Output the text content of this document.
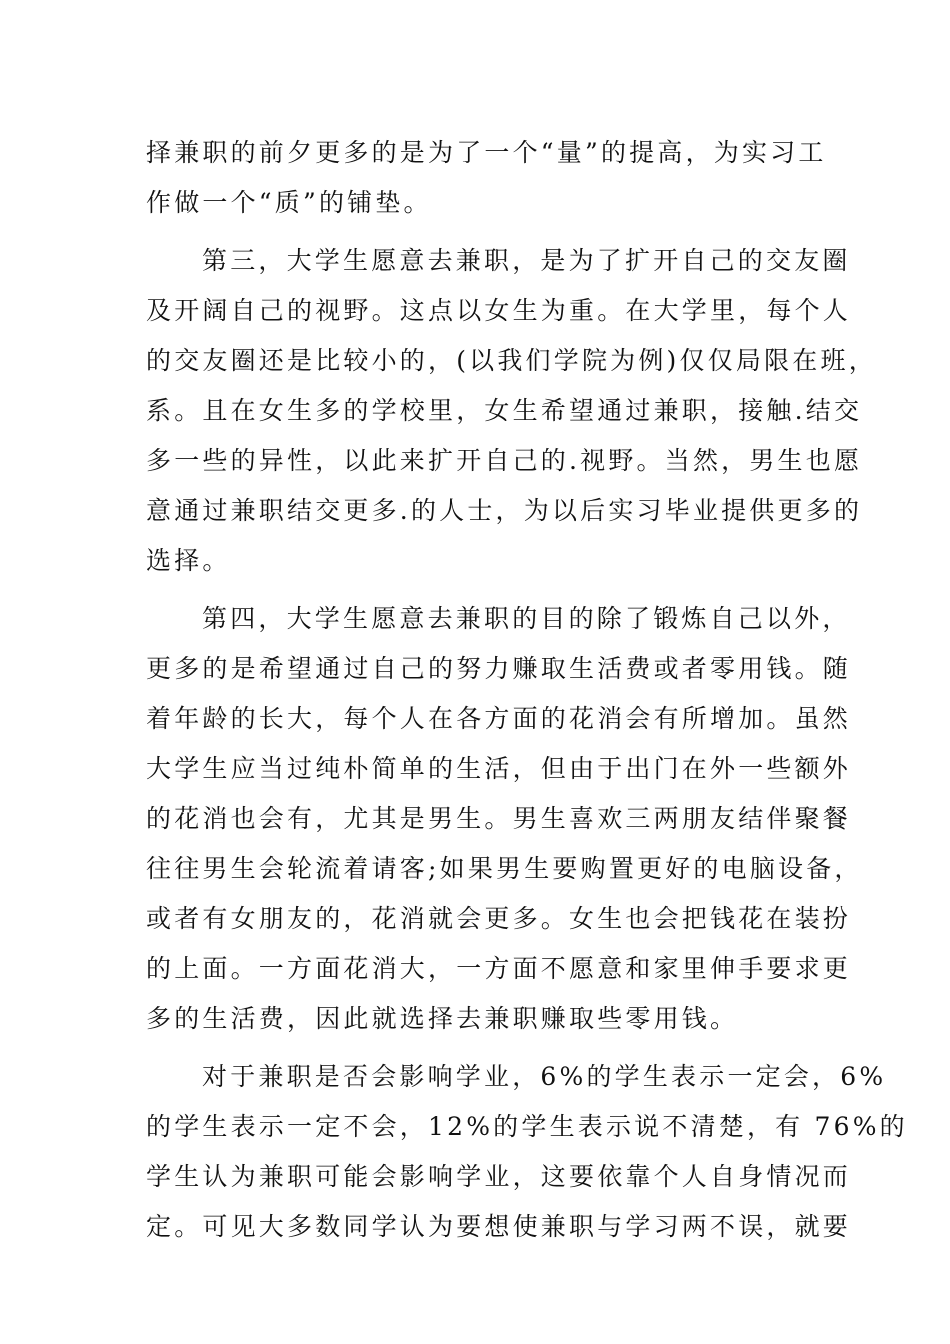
择兼职的前夕更多的是为了一个“量”的提高，为实习工
作做一个“质”的铺垫。
第三，大学生愿意去兼职，是为了扩开自己的交友圈
及开阔自己的视野。这点以女生为重。在大学里，每个人
的交友圈还是比较小的，(以我们学院为例)仅仅局限在班，
系。且在女生多的学校里，女生希望通过兼职，接触.结交
多一些的异性，以此来扩开自己的.视野。当然，男生也愿
意通过兼职结交更多.的人士，为以后实习毕业提供更多的
选择。
第四，大学生愿意去兼职的目的除了锻炼自己以外，
更多的是希望通过自己的努力赚取生活费或者零用钱。随
着年龄的长大，每个人在各方面的花消会有所增加。虽然
大学生应当过纯朴简单的生活，但由于出门在外一些额外
的花消也会有，尤其是男生。男生喜欢三两朋友结伴聚餐
往往男生会轮流着请客;如果男生要购置更好的电脑设备，
或者有女朋友的，花消就会更多。女生也会把钱花在装扮
的上面。一方面花消大，一方面不愿意和家里伸手要求更
多的生活费，因此就选择去兼职赚取些零用钱。
对于兼职是否会影响学业，6%的学生表示一定会，6%
的学生表示一定不会，12%的学生表示说不清楚，有 76%的
学生认为兼职可能会影响学业，这要依靠个人自身情况而
定。可见大多数同学认为要想使兼职与学习两不误，就要
